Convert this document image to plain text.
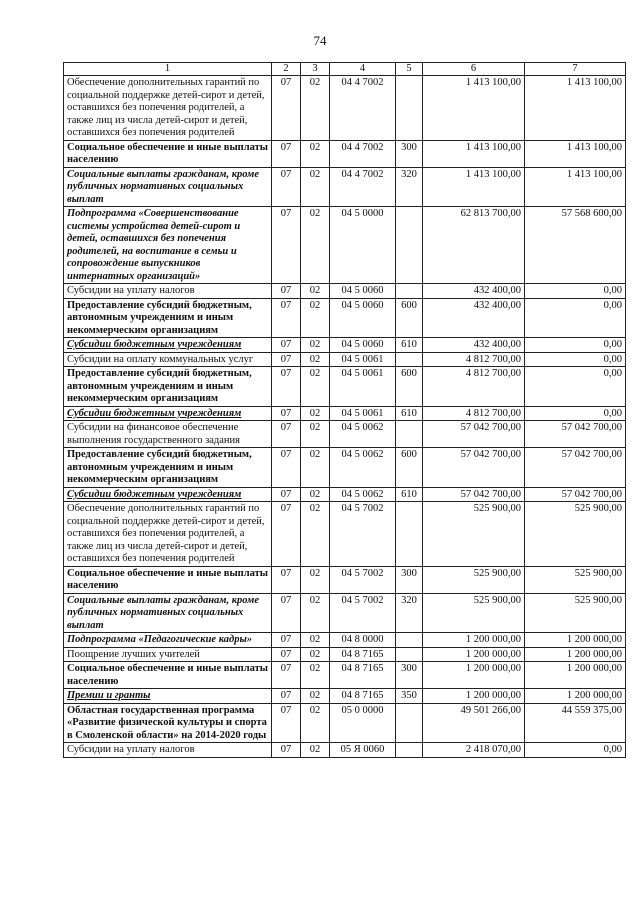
74
1	2	3	4	5	6	7
Обеспечение дополнительных гарантий по социальной поддержке детей-сирот и детей, оставшихся без попечения родителей, а также лиц из числа детей-сирот и детей, оставшихся без попечения родителей	07	02	04 4 7002		1 413 100,00	1 413 100,00
Социальное обеспечение и иные выплаты населению	07	02	04 4 7002	300	1 413 100,00	1 413 100,00
Социальные выплаты гражданам, кроме публичных нормативных социальных выплат	07	02	04 4 7002	320	1 413 100,00	1 413 100,00
Подпрограмма «Совершенствование системы устройства детей-сирот и детей, оставшихся без попечения родителей, на воспитание в семьи и сопровождение выпускников интернатных организаций»	07	02	04 5 0000		62 813 700,00	57 568 600,00
Субсидии на уплату налогов	07	02	04 5 0060		432 400,00	0,00
Предоставление субсидий бюджетным, автономным учреждениям и иным некоммерческим организациям	07	02	04 5 0060	600	432 400,00	0,00
Субсидии бюджетным учреждениям	07	02	04 5 0060	610	432 400,00	0,00
Субсидии на оплату коммунальных услуг	07	02	04 5 0061		4 812 700,00	0,00
Предоставление субсидий бюджетным, автономным учреждениям и иным некоммерческим организациям	07	02	04 5 0061	600	4 812 700,00	0,00
Субсидии бюджетным учреждениям	07	02	04 5 0061	610	4 812 700,00	0,00
Субсидии на финансовое обеспечение выполнения государственного задания	07	02	04 5 0062		57 042 700,00	57 042 700,00
Предоставление субсидий бюджетным, автономным учреждениям и иным некоммерческим организациям	07	02	04 5 0062	600	57 042 700,00	57 042 700,00
Субсидии бюджетным учреждениям	07	02	04 5 0062	610	57 042 700,00	57 042 700,00
Обеспечение дополнительных гарантий по социальной поддержке детей-сирот и детей, оставшихся без попечения родителей, а также лиц из числа детей-сирот и детей, оставшихся без попечения родителей	07	02	04 5 7002		525 900,00	525 900,00
Социальное обеспечение и иные выплаты населению	07	02	04 5 7002	300	525 900,00	525 900,00
Социальные выплаты гражданам, кроме публичных нормативных социальных выплат	07	02	04 5 7002	320	525 900,00	525 900,00
Подпрограмма «Педагогические кадры»	07	02	04 8 0000		1 200 000,00	1 200 000,00
Поощрение лучших учителей	07	02	04 8 7165		1 200 000,00	1 200 000,00
Социальное обеспечение и иные выплаты населению	07	02	04 8 7165	300	1 200 000,00	1 200 000,00
Премии и гранты	07	02	04 8 7165	350	1 200 000,00	1 200 000,00
Областная государственная программа «Развитие физической культуры и спорта в Смоленской области» на 2014-2020 годы	07	02	05 0 0000		49 501 266,00	44 559 375,00
Субсидии на уплату налогов	07	02	05 Я 0060		2 418 070,00	0,00
